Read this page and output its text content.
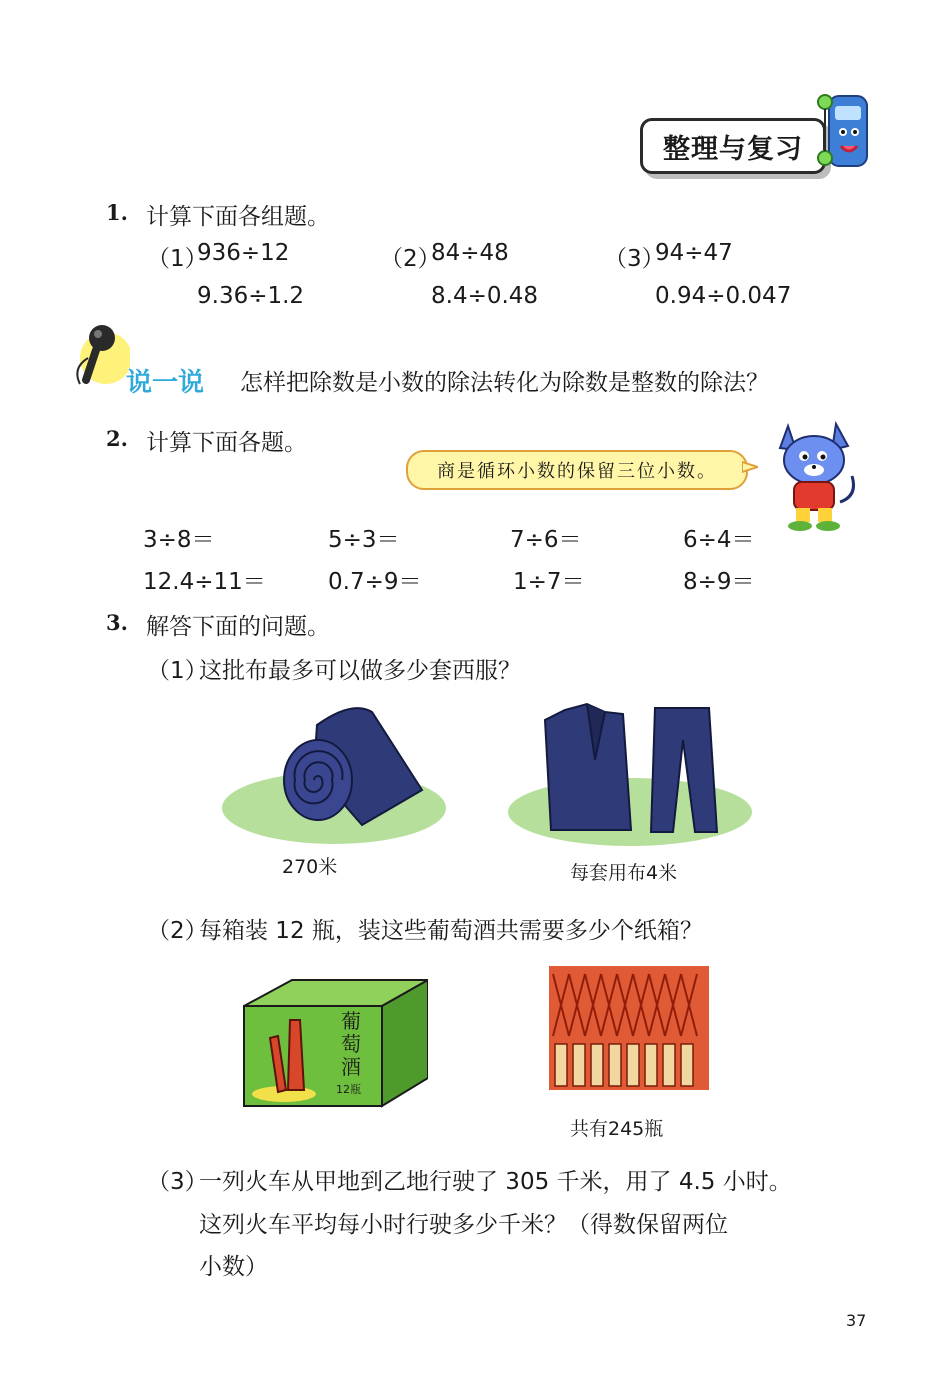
整理与复习
1. 计算下面各组题。
（1）
936÷12
9.36÷1.2
（2）
84÷48
8.4÷0.48
（3）
94÷47
0.94÷0.047
说一说 怎样把除数是小数的除法转化为除数是整数的除法？
2. 计算下面各题。
商是循环小数的保留三位小数。
3÷8＝	5÷3＝	7÷6＝	6÷4＝
12.4÷11＝	0.7÷9＝	1÷7＝	8÷9＝
3. 解答下面的问题。
（1）
这批布最多可以做多少套西服？
270米	每套用布4米
（2）
每箱装 12 瓶，装这些葡萄酒共需要多少个纸箱？
葡萄酒
12瓶
共有245瓶
（3）
一列火车从甲地到乙地行驶了 305 千米，用了 4.5 小时。
这列火车平均每小时行驶多少千米？（得数保留两位
小数）
37
